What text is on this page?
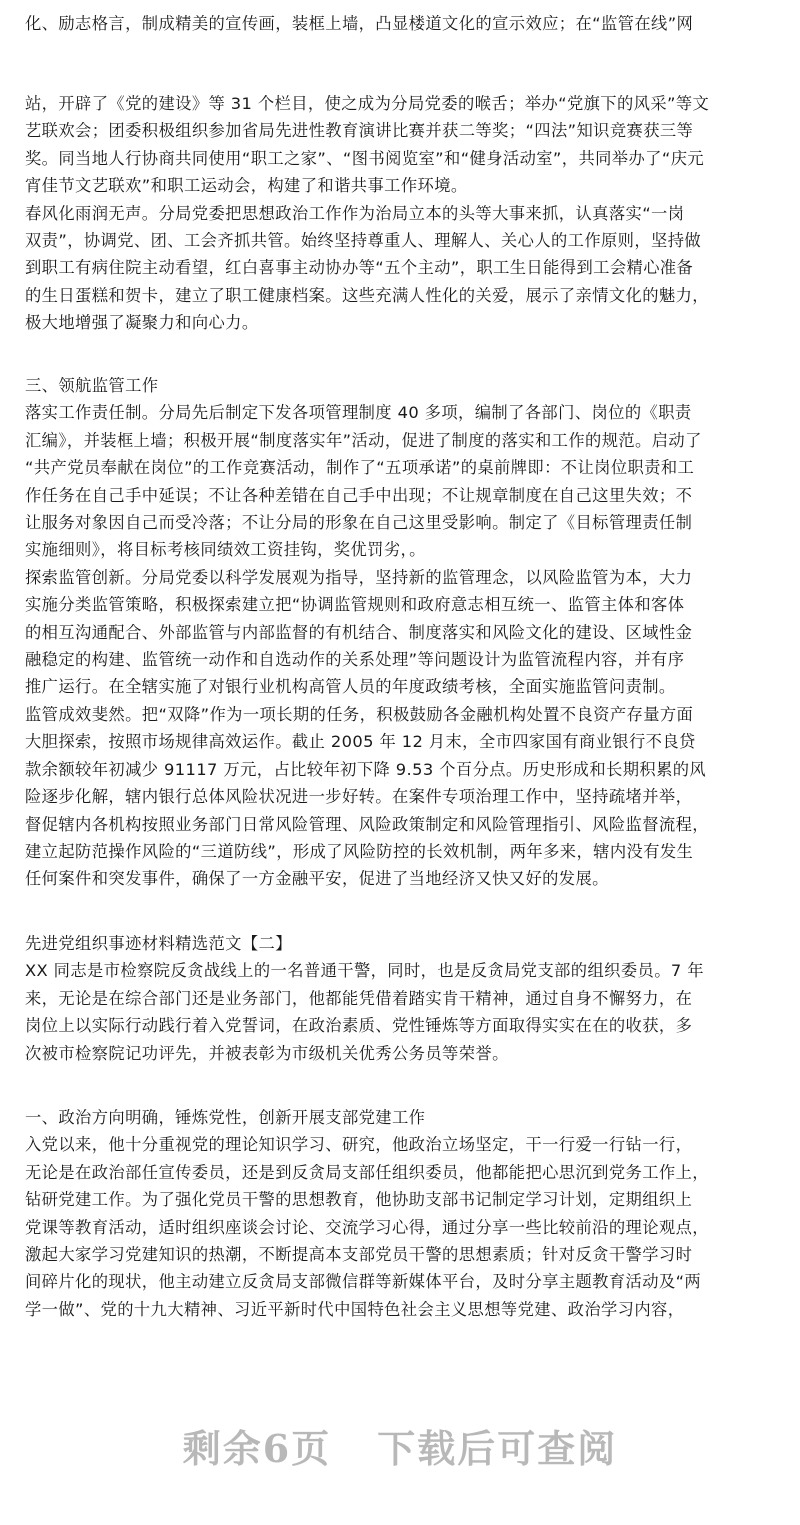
化、励志格言，制成精美的宣传画，装框上墙，凸显楼道文化的宣示效应；在“监管在线”网
站，开辟了《党的建设》等 31 个栏目，使之成为分局党委的喉舌；举办“党旗下的风采”等文
艺联欢会；团委积极组织参加省局先进性教育演讲比赛并获二等奖；“四法”知识竞赛获三等
奖。同当地人行协商共同使用“职工之家”、“图书阅览室”和“健身活动室”，共同举办了“庆元
宵佳节文艺联欢”和职工运动会，构建了和谐共事工作环境。
春风化雨润无声。分局党委把思想政治工作作为治局立本的头等大事来抓，认真落实“一岗
双责”，协调党、团、工会齐抓共管。始终坚持尊重人、理解人、关心人的工作原则，坚持做
到职工有病住院主动看望，红白喜事主动协办等“五个主动”，职工生日能得到工会精心准备
的生日蛋糕和贺卡，建立了职工健康档案。这些充满人性化的关爱，展示了亲情文化的魅力，
极大地增强了凝聚力和向心力。
三、领航监管工作
落实工作责任制。分局先后制定下发各项管理制度 40 多项，编制了各部门、岗位的《职责
汇编》，并装框上墙；积极开展“制度落实年”活动，促进了制度的落实和工作的规范。启动了
“共产党员奉献在岗位”的工作竞赛活动，制作了“五项承诺”的桌前牌即：不让岗位职责和工
作任务在自己手中延误；不让各种差错在自己手中出现；不让规章制度在自己这里失效；不
让服务对象因自己而受冷落；不让分局的形象在自己这里受影响。制定了《目标管理责任制
实施细则》，将目标考核同绩效工资挂钩，奖优罚劣，。
探索监管创新。分局党委以科学发展观为指导，坚持新的监管理念，以风险监管为本，大力
实施分类监管策略，积极探索建立把“协调监管规则和政府意志相互统一、监管主体和客体
的相互沟通配合、外部监管与内部监督的有机结合、制度落实和风险文化的建设、区域性金
融稳定的构建、监管统一动作和自选动作的关系处理”等问题设计为监管流程内容，并有序
推广运行。在全辖实施了对银行业机构高管人员的年度政绩考核，全面实施监管问责制。
监管成效斐然。把“双降”作为一项长期的任务，积极鼓励各金融机构处置不良资产存量方面
大胆探索，按照市场规律高效运作。截止 2005 年 12 月末，全市四家国有商业银行不良贷
款余额较年初减少 91117 万元，占比较年初下降 9.53 个百分点。历史形成和长期积累的风
险逐步化解，辖内银行总体风险状况进一步好转。在案件专项治理工作中，坚持疏堵并举，
督促辖内各机构按照业务部门日常风险管理、风险政策制定和风险管理指引、风险监督流程，
建立起防范操作风险的“三道防线”，形成了风险防控的长效机制，两年多来，辖内没有发生
任何案件和突发事件，确保了一方金融平安，促进了当地经济又快又好的发展。
先进党组织事迹材料精选范文【二】
XX 同志是市检察院反贪战线上的一名普通干警，同时，也是反贪局党支部的组织委员。7 年
来，无论是在综合部门还是业务部门，他都能凭借着踏实肯干精神，通过自身不懈努力，在
岗位上以实际行动践行着入党誓词，在政治素质、党性锤炼等方面取得实实在在的收获，多
次被市检察院记功评先，并被表彰为市级机关优秀公务员等荣誉。
一、政治方向明确，锤炼党性，创新开展支部党建工作
入党以来，他十分重视党的理论知识学习、研究，他政治立场坚定，干一行爱一行钻一行，
无论是在政治部任宣传委员，还是到反贪局支部任组织委员，他都能把心思沉到党务工作上，
钻研党建工作。为了强化党员干警的思想教育，他协助支部书记制定学习计划，定期组织上
党课等教育活动，适时组织座谈会讨论、交流学习心得，通过分享一些比较前沿的理论观点，
激起大家学习党建知识的热潮，不断提高本支部党员干警的思想素质；针对反贪干警学习时
间碎片化的现状，他主动建立反贪局支部微信群等新媒体平台，及时分享主题教育活动及“两
学一做”、党的十九大精神、习近平新时代中国特色社会主义思想等党建、政治学习内容，
剩余6页 下载后可查阅
